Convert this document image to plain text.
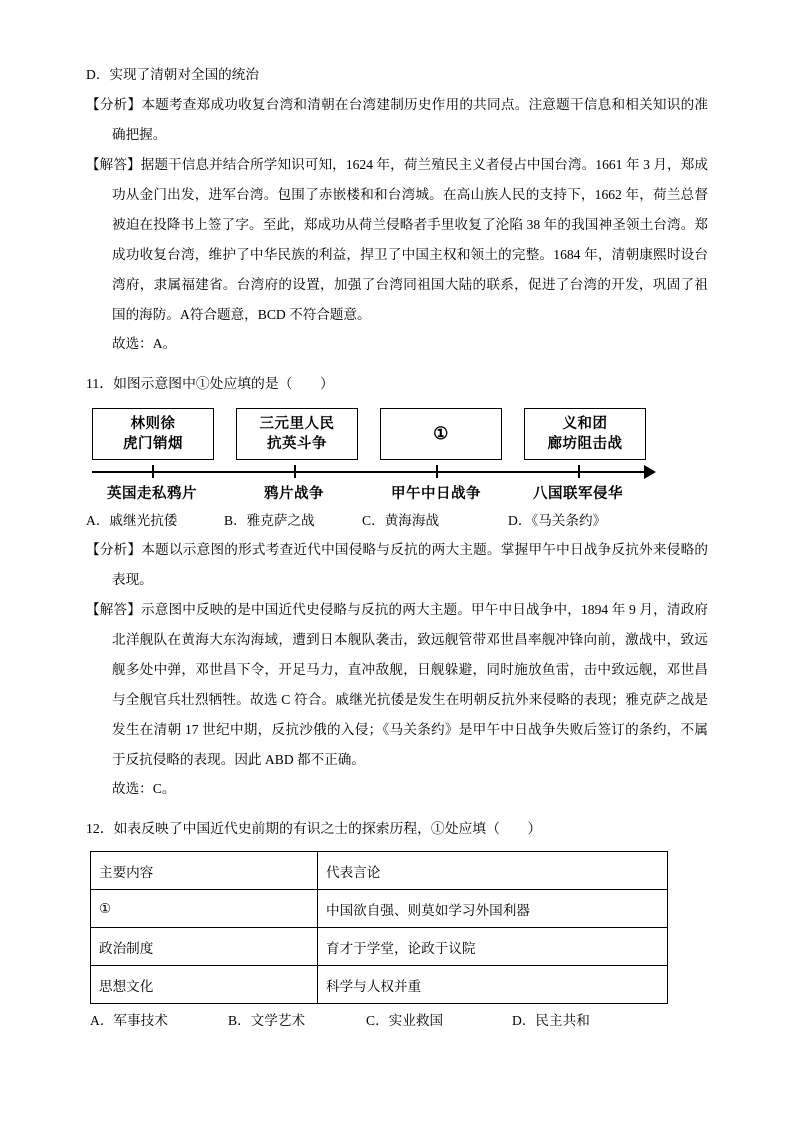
D．实现了清朝对全国的统治

【分析】本题考查郑成功收复台湾和清朝在台湾建制历史作用的共同点。注意题干信息和相关知识的准确把握。

【解答】据题干信息并结合所学知识可知，1624 年，荷兰殖民主义者侵占中国台湾。1661 年 3 月，郑成功从金门出发，进军台湾。包围了赤嵌楼和和台湾城。在高山族人民的支持下，1662 年，荷兰总督被迫在投降书上签了字。至此，郑成功从荷兰侵略者手里收复了沦陷 38 年的我国神圣领土台湾。郑成功收复台湾，维护了中华民族的利益，捍卫了中国主权和领土的完整。1684 年，清朝康熙时设台湾府，隶属福建省。台湾府的设置，加强了台湾同祖国大陆的联系，促进了台湾的开发，巩固了祖国的海防。A符合题意，BCD 不符合题意。

故选：A。

11．如图示意图中①处应填的是（　　）

林则徐
虎门销烟
三元里人民
抗英斗争
①	义和团
廊坊阻击战
英国走私鸦片	鸦片战争	甲午中日战争	八国联军侵华
A．戚继光抗倭	B．雅克萨之战	C．黄海海战	D．《马关条约》

【分析】本题以示意图的形式考查近代中国侵略与反抗的两大主题。掌握甲午中日战争反抗外来侵略的表现。

【解答】示意图中反映的是中国近代史侵略与反抗的两大主题。甲午中日战争中，1894 年 9 月，清政府北洋舰队在黄海大东沟海域，遭到日本舰队袭击，致远舰管带邓世昌率舰冲锋向前，激战中，致远舰多处中弹，邓世昌下令，开足马力，直冲敌舰，日舰躲避，同时施放鱼雷，击中致远舰，邓世昌与全舰官兵壮烈牺牲。故选 C 符合。戚继光抗倭是发生在明朝反抗外来侵略的表现；雅克萨之战是发生在清朝 17 世纪中期，反抗沙俄的入侵；《马关条约》是甲午中日战争失败后签订的条约，不属于反抗侵略的表现。因此 ABD 都不正确。

故选：C。

12．如表反映了中国近代史前期的有识之士的探索历程，①处应填（　　）

主要内容	代表言论
①	中国欲自强、则莫如学习外国利器
政治制度	育才于学堂，论政于议院
思想文化	科学与人权并重
A．军事技术	B．文学艺术	C．实业救国	D．民主共和
